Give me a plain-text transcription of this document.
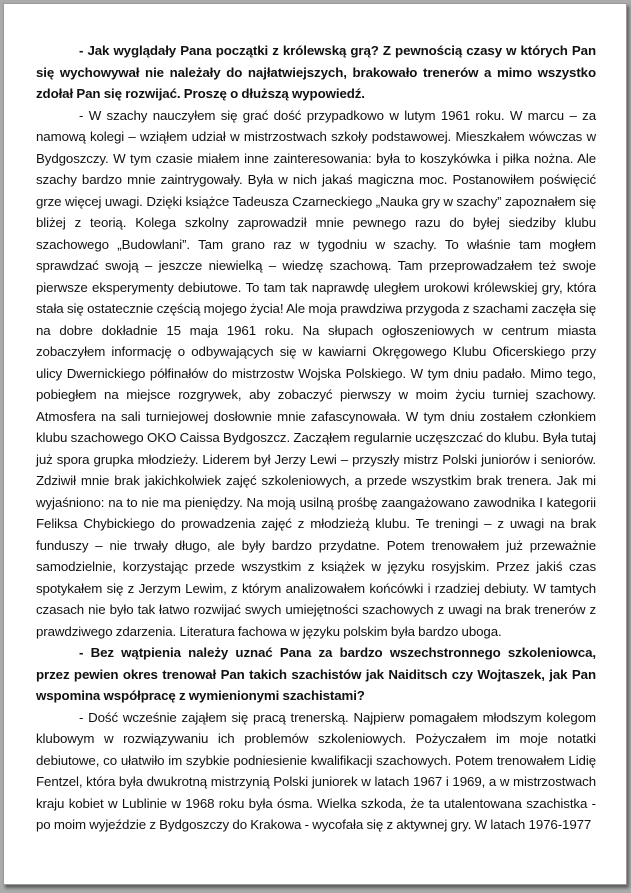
- Jak wyglądały Pana początki z królewską grą? Z pewnością czasy w których Pan się wychowywał nie należały do najłatwiejszych, brakowało trenerów a mimo wszystko zdołał Pan się rozwijać. Proszę o dłuższą wypowiedź.

- W szachy nauczyłem się grać dość przypadkowo w lutym 1961 roku. W marcu – za namową kolegi – wziąłem udział w mistrzostwach szkoły podstawowej. Mieszkałem wówczas w Bydgoszczy. W tym czasie miałem inne zainteresowania: była to koszykówka i piłka nożna. Ale szachy bardzo mnie zaintrygowały. Była w nich jakaś magiczna moc. Postanowiłem poświęcić grze więcej uwagi. Dzięki książce Tadeusza Czarneckiego „Nauka gry w szachy” zapoznałem się bliżej z teorią. Kolega szkolny zaprowadził mnie pewnego razu do byłej siedziby klubu szachowego „Budowlani”. Tam grano raz w tygodniu w szachy. To właśnie tam mogłem sprawdzać swoją – jeszcze niewielką – wiedzę szachową. Tam przeprowadzałem też swoje pierwsze eksperymenty debiutowe. To tam tak naprawdę uległem urokowi królewskiej gry, która stała się ostatecznie częścią mojego życia! Ale moja prawdziwa przygoda z szachami zaczęła się na dobre dokładnie 15 maja 1961 roku. Na słupach ogłoszeniowych w centrum miasta zobaczyłem informację o odbywających się w kawiarni Okręgowego Klubu Oficerskiego przy ulicy Dwernickiego półfinałów do mistrzostw Wojska Polskiego. W tym dniu padało. Mimo tego, pobiegłem na miejsce rozgrywek, aby zobaczyć pierwszy w moim życiu turniej szachowy. Atmosfera na sali turniejowej dosłownie mnie zafascynowała. W tym dniu zostałem członkiem klubu szachowego OKO Caissa Bydgoszcz. Zacząłem regularnie uczęszczać do klubu. Była tutaj już spora grupka młodzieży. Liderem był Jerzy Lewi – przyszły mistrz Polski juniorów i seniorów. Zdziwił mnie brak jakichkolwiek zajęć szkoleniowych, a przede wszystkim brak trenera. Jak mi wyjaśniono: na to nie ma pieniędzy. Na moją usilną prośbę zaangażowano zawodnika I kategorii Feliksa Chybickiego do prowadzenia zajęć z młodzieżą klubu. Te treningi – z uwagi na brak funduszy – nie trwały długo, ale były bardzo przydatne. Potem trenowałem już przeważnie samodzielnie, korzystając przede wszystkim z książek w języku rosyjskim. Przez jakiś czas spotykałem się z Jerzym Lewim, z którym analizowałem końcówki i rzadziej debiuty. W tamtych czasach nie było tak łatwo rozwijać swych umiejętności szachowych z uwagi na brak trenerów z prawdziwego zdarzenia. Literatura fachowa w języku polskim była bardzo uboga.

- Bez wątpienia należy uznać Pana za bardzo wszechstronnego szkoleniowca, przez pewien okres trenował Pan takich szachistów jak Naiditsch czy Wojtaszek, jak Pan wspomina współpracę z wymienionymi szachistami?

- Dość wcześnie zająłem się pracą trenerską. Najpierw pomagałem młodszym kolegom klubowym w rozwiązywaniu ich problemów szkoleniowych. Pożyczałem im moje notatki debiutowe, co ułatwiło im szybkie podniesienie kwalifikacji szachowych. Potem trenowałem Lidię Fentzel, która była dwukrotną mistrzynią Polski juniorek w latach 1967 i 1969, a w mistrzostwach kraju kobiet w Lublinie w 1968 roku była ósma. Wielka szkoda, że ta utalentowana szachistka - po moim wyjeździe z Bydgoszczy do Krakowa - wycofała się z aktywnej gry. W latach 1976-1977
